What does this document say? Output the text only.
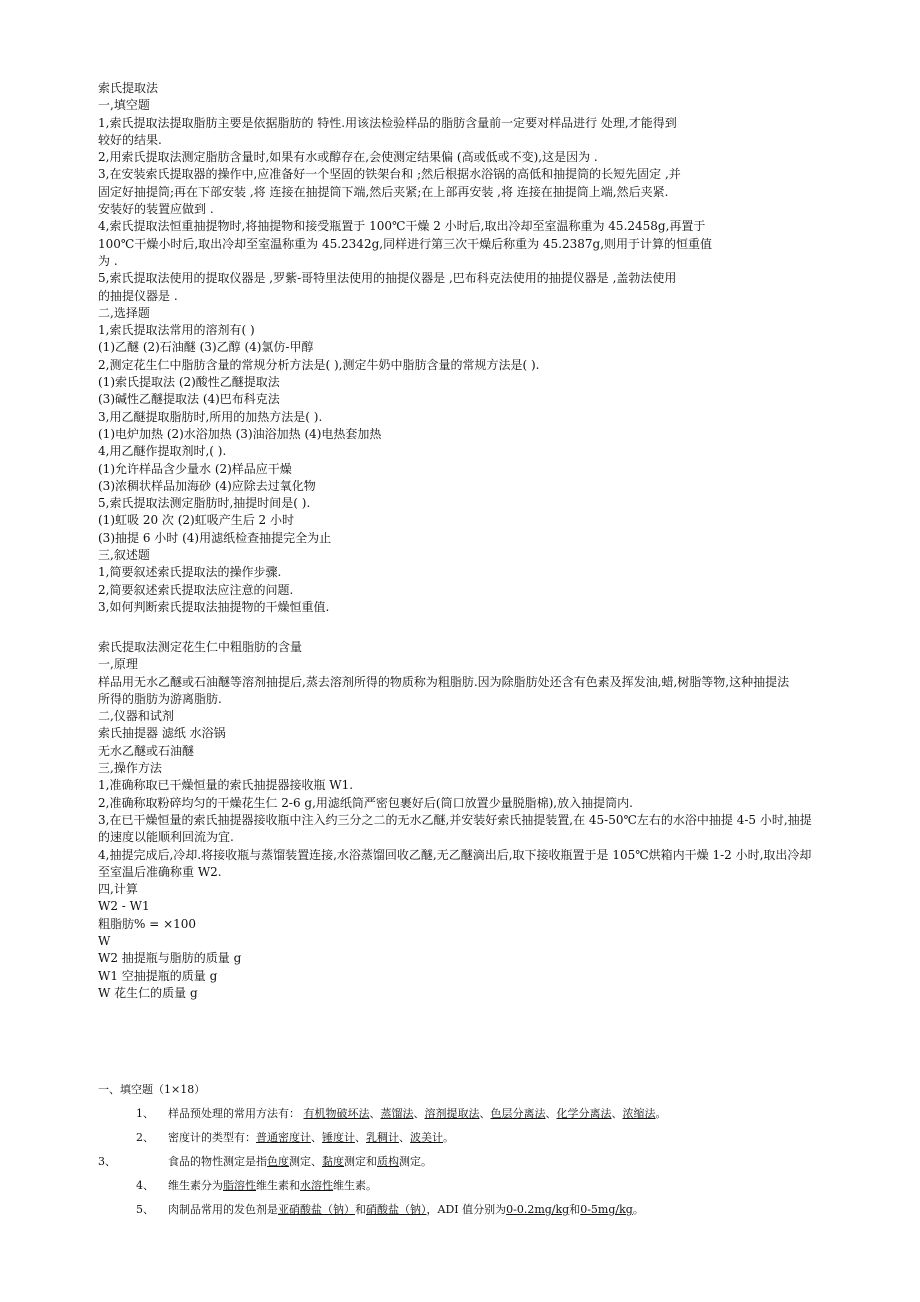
索氏提取法
一,填空题
1,索氏提取法提取脂肪主要是依据脂肪的 特性.用该法检验样品的脂肪含量前一定要对样品进行 处理,才能得到
较好的结果.
2,用索氏提取法测定脂肪含量时,如果有水或醇存在,会使测定结果偏 (高或低或不变),这是因为 .
3,在安装索氏提取器的操作中,应准备好一个坚固的铁架台和 ;然后根据水浴锅的高低和抽提筒的长短先固定 ,并
固定好抽提筒;再在下部安装 ,将 连接在抽提筒下端,然后夹紧;在上部再安装 ,将 连接在抽提筒上端,然后夹紧.
安装好的装置应做到 .
4,索氏提取法恒重抽提物时,将抽提物和接受瓶置于 100℃干燥 2 小时后,取出冷却至室温称重为 45.2458g,再置于
100℃干燥小时后,取出冷却至室温称重为 45.2342g,同样进行第三次干燥后称重为 45.2387g,则用于计算的恒重值
为 .
5,索氏提取法使用的提取仪器是 ,罗紫-哥特里法使用的抽提仪器是 ,巴布科克法使用的抽提仪器是 ,盖勃法使用
的抽提仪器是 .
二,选择题
1,索氏提取法常用的溶剂有( )
(1)乙醚 (2)石油醚 (3)乙醇 (4)氯仿-甲醇
2,测定花生仁中脂肪含量的常规分析方法是( ),测定牛奶中脂肪含量的常规方法是( ).
(1)索氏提取法 (2)酸性乙醚提取法
(3)碱性乙醚提取法 (4)巴布科克法
3,用乙醚提取脂肪时,所用的加热方法是( ).
(1)电炉加热 (2)水浴加热 (3)油浴加热 (4)电热套加热
4,用乙醚作提取剂时,( ).
(1)允许样品含少量水 (2)样品应干燥
(3)浓稠状样品加海砂 (4)应除去过氧化物
5,索氏提取法测定脂肪时,抽提时间是( ).
(1)虹吸 20 次 (2)虹吸产生后 2 小时
(3)抽提 6 小时 (4)用滤纸检查抽提完全为止
三,叙述题
1,简要叙述索氏提取法的操作步骤.
2,简要叙述索氏提取法应注意的问题.
3,如何判断索氏提取法抽提物的干燥恒重值.
索氏提取法测定花生仁中粗脂肪的含量
一,原理
样品用无水乙醚或石油醚等溶剂抽提后,蒸去溶剂所得的物质称为粗脂肪.因为除脂肪处还含有色素及挥发油,蜡,树脂等物,这种抽提法
所得的脂肪为游离脂肪.
二,仪器和试剂
索氏抽提器 滤纸 水浴锅
无水乙醚或石油醚
三,操作方法
1,准确称取已干燥恒量的索氏抽提器接收瓶 W1.
2,准确称取粉碎均匀的干燥花生仁 2-6 g,用滤纸筒严密包裹好后(筒口放置少量脱脂棉),放入抽提筒内.
3,在已干燥恒量的索氏抽提器接收瓶中注入约三分之二的无水乙醚,并安装好索氏抽提装置,在 45-50℃左右的水浴中抽提 4-5 小时,抽提
的速度以能顺利回流为宜.
4,抽提完成后,冷却.将接收瓶与蒸馏装置连接,水浴蒸馏回收乙醚,无乙醚滴出后,取下接收瓶置于是 105℃烘箱内干燥 1-2 小时,取出冷却
至室温后准确称重 W2.
四,计算
W2 - W1
粗脂肪% = ×100
W
W2 抽提瓶与脂肪的质量 g
W1 空抽提瓶的质量 g
W 花生仁的质量 g
一、填空题（1×18）
1、 样品预处理的常用方法有： 有机物破坏法、蒸馏法、溶剂提取法、色层分离法、化学分离法、浓缩法。
2、 密度计的类型有：普通密度计、锤度计、乳稠计、波美计。
3、	食品的物性测定是指色度测定、黏度测定和质构测定。
4、 维生素分为脂溶性维生素和水溶性维生素。
5、 肉制品常用的发色剂是亚硝酸盐（钠）和硝酸盐（钠），ADI 值分别为0-0.2mg/kg和0-5mg/kg。
